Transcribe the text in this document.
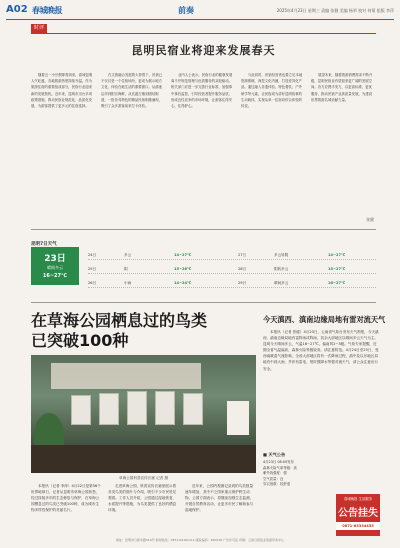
A02 春城晚报	前奏	2025年4月23日 星期三 责编 张健 美编 杨翠 校对 何菊 组版 李萍
时评
昆明民宿业将迎来发展春天

随着五一小长假即将到来，春城昆明人气旺盛，各地旅游热度持续升温。作为旅游住宿的重要组成部分，民宿行业迎来新的发展契机。近年来，昆明市出台多项政策措施，推动民宿业规范化、品质化发展，为游客提供了更多元的住宿选择。

在文旅融合发展的大背景下，民宿已不仅仅是一个住宿场所，更成为展示地方文化、体验在地生活的重要窗口。从滇池沿岸到阳宗海畔，从官渡古镇到团结街道，一批各具特色的精品民宿相继涌现，吸引了众多游客前来打卡体验。

业内人士表示，民宿行业的健康发展离不开规范管理与优质服务的双轮驱动。相关部门应进一步完善行业标准，加强事中事后监管，引导经营者提升服务品质，形成良性竞争的市场环境，让游客住得安心、住得舒心。

与此同时，民宿经营者也要立足本地资源禀赋，深挖文化内涵，打造差异化产品。通过融入非遗体验、特色餐饮、户外研学等元素，让民宿成为讲好昆明故事的生动载体，实现从单一住宿向综合体验的转变。

展望未来，随着旅游消费需求不断升级，昆明民宿业有望迎来更广阔的发展空间。各方应携手发力，以更高标准、更优服务，推动民宿产业高质量发展，为建设世界旅游名城贡献力量。

张健
昆明7日天气
23日
晴间多云
16~27℃
24日	多云	14~27℃	27日	多云转阴	14~27℃
25日	阴	15~26℃	28日	阴转多云	15~27℃
26日	小雨	14~24℃	29日	晴间多云	16~27℃
在草海公园栖息过的鸟类
已突破100种
草海公园科普宣传长廊 记者 摄

本报讯（记者 李萍）4月22日是第56个世界地球日，记者从昆明市草海公园获悉，经过持续多年的生态修复与保护，在草海公园栖息过的鸟类已突破100种，成为城市生物多样性保护的亮丽名片。

走进草海公园，科普宣传长廊里展示着各类鸟类的图片与介绍，吸引不少市民驻足观看。工作人员介绍，公园通过湿地恢复、水质提升等措施，为鸟类提供了良好的栖息环境。

近年来，公园内观测记录到的鸟类数量逐年增加，其中不乏国家重点保护野生动物。公园方面表示，将继续加强生态监测，开展自然教育活动，让更多市民了解和参与湿地保护。

今天滇西、滇南边缘局地有雷对流天气

本报讯（记者 张健）4月23日，云南省气象台发布天气预报，今天滇西、滇南边缘局地有雷阵雨或阵雨，其余大部地区以晴间多云天气为主。昆明今天晴间多云，气温16~27℃，偏南风2~3级。气象专家提醒，近期全省气温偏高，森林火险等级较高，请注意防范。4月24日至25日，受西南暖湿气流影响，全省大部地区将有一次降雨过程，滇中及以东地区局地有中到大雨，并伴有雷电、短时强降水等强对流天气，请公众注意出行安全。

■ 天气公告

4月23日 08:00发布

森林火险气象等级：高

紫外线强度：强

空气质量：良

穿衣指数：较舒适

春城晚报 生活服务
公告挂失
0871-63334455 63200705
地址：昆明市日新中路516号 新闻热线：0871-64161111 邮政编码：650228 广告许可证 印刷：云南日报报业集团印务中心
